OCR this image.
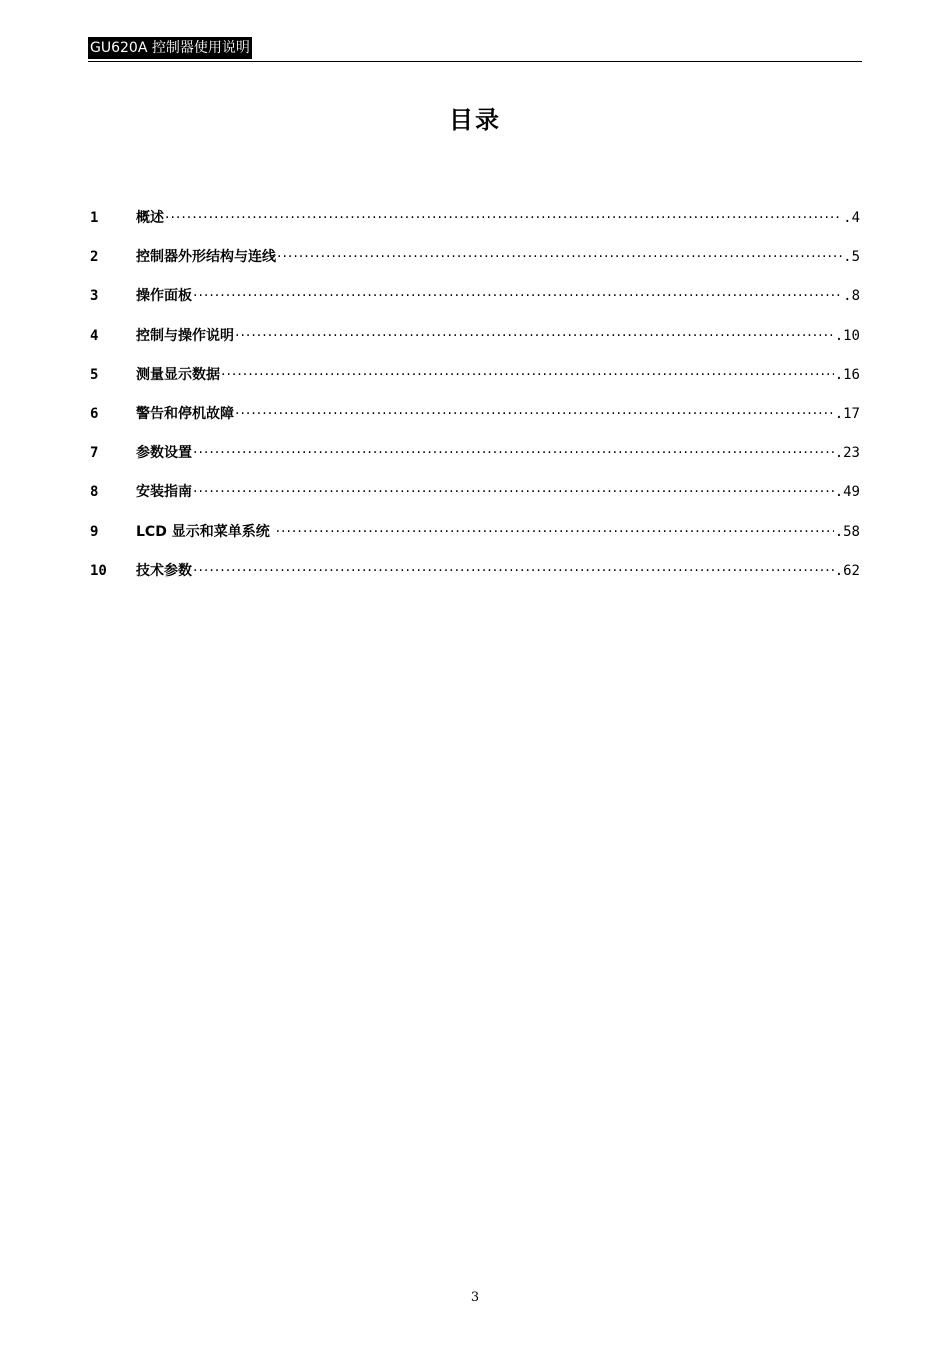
GU620A 控制器使用说明
目录
1	概述 ·····	.4
2	控制器外形结构与连线 ·····	.5
3	操作面板 ·····	.8
4	控制与操作说明 ·····	.10
5	测量显示数据 ·····	.16
6	警告和停机故障 ·····	.17
7	参数设置 ·····	.23
8	安装指南 ·····	.49
9	LCD 显示和菜单系统 ·····	.58
10	技术参数 ·····	.62
3
